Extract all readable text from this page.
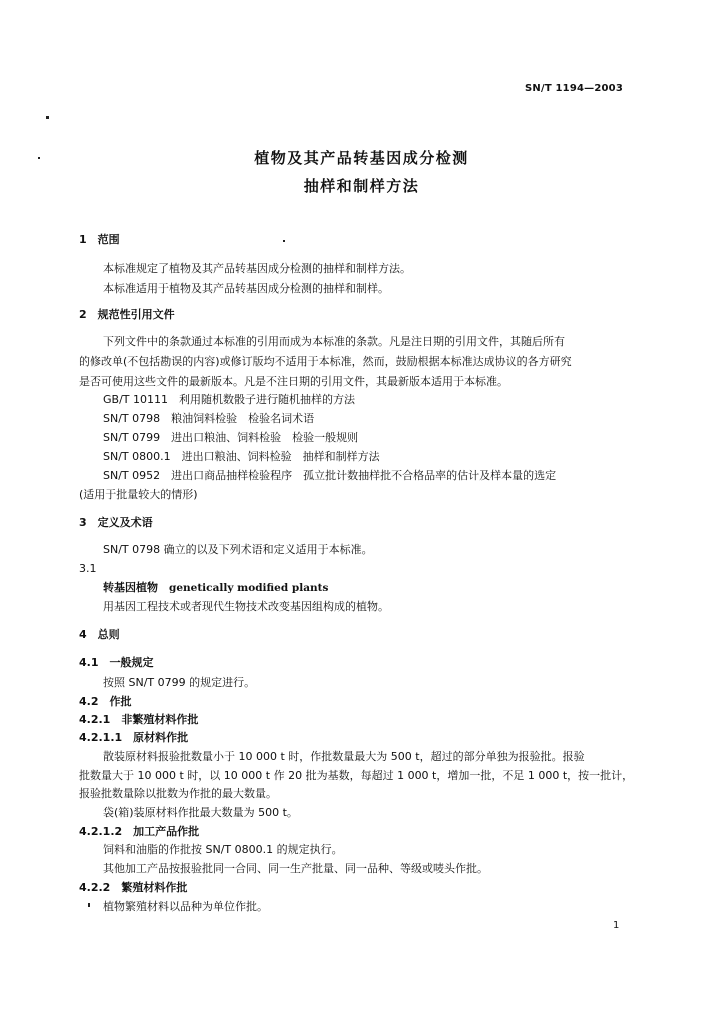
SN/T 1194—2003
植物及其产品转基因成分检测
抽样和制样方法
1　范围
本标准规定了植物及其产品转基因成分检测的抽样和制样方法。
本标准适用于植物及其产品转基因成分检测的抽样和制样。
2　规范性引用文件
下列文件中的条款通过本标准的引用而成为本标准的条款。凡是注日期的引用文件，其随后所有
的修改单(不包括勘误的内容)或修订版均不适用于本标准，然而，鼓励根据本标准达成协议的各方研究
是否可使用这些文件的最新版本。凡是不注日期的引用文件，其最新版本适用于本标准。
GB/T 10111　利用随机数骰子进行随机抽样的方法
SN/T 0798　粮油饲料检验　检验名词术语
SN/T 0799　进出口粮油、饲料检验　检验一般规则
SN/T 0800.1　进出口粮油、饲料检验　抽样和制样方法
SN/T 0952　进出口商品抽样检验程序　孤立批计数抽样批不合格品率的估计及样本量的选定
(适用于批量较大的情形)
3　定义及术语
SN/T 0798 确立的以及下列术语和定义适用于本标准。
3.1
转基因植物　 genetically modified plants
用基因工程技术或者现代生物技术改变基因组构成的植物。
4　总则
4.1　一般规定
按照 SN/T 0799 的规定进行。
4.2　作批
4.2.1　非繁殖材料作批
4.2.1.1　原材料作批
散装原材料报验批数量小于 10 000 t 时，作批数量最大为 500 t，超过的部分单独为报验批。报验
批数量大于 10 000 t 时，以 10 000 t 作 20 批为基数，每超过 1 000 t，增加一批，不足 1 000 t，按一批计，
报验批数量除以批数为作批的最大数量。
袋(箱)装原材料作批最大数量为 500 t。
4.2.1.2　加工产品作批
饲料和油脂的作批按 SN/T 0800.1 的规定执行。
其他加工产品按报验批同一合同、同一生产批量、同一品种、等级或唛头作批。
4.2.2　繁殖材料作批
植物繁殖材料以品种为单位作批。
1
